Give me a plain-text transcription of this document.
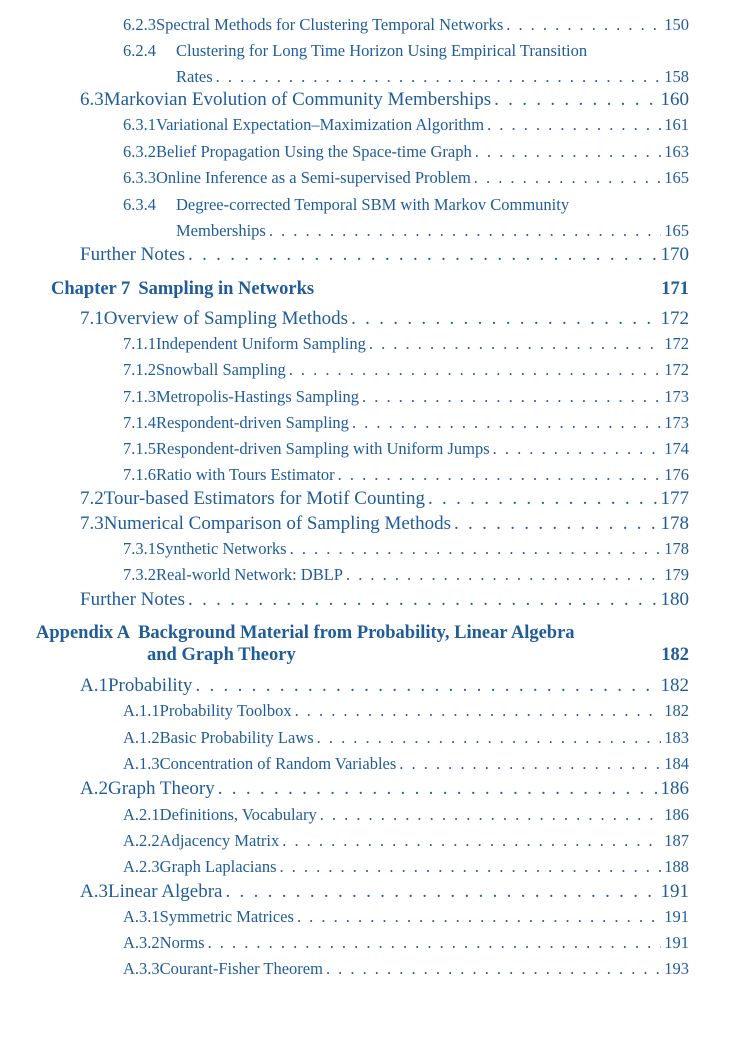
6.2.3 Spectral Methods for Clustering Temporal Networks . . .	150
6.2.4	Clustering for Long Time Horizon Using Empirical Transition
Rates . . .	158
6.3 Markovian Evolution of Community Memberships . . .	160
6.3.1 Variational Expectation–Maximization Algorithm . . .	161
6.3.2 Belief Propagation Using the Space-time Graph . . .	163
6.3.3 Online Inference as a Semi-supervised Problem . . .	165
6.3.4	Degree-corrected Temporal SBM with Markov Community
Memberships . . .	165
Further Notes . . .	170
Chapter 7 Sampling in Networks	171
7.1 Overview of Sampling Methods . . .	172
7.1.1 Independent Uniform Sampling . . .	172
7.1.2 Snowball Sampling . . .	172
7.1.3 Metropolis-Hastings Sampling . . .	173
7.1.4 Respondent-driven Sampling . . .	173
7.1.5 Respondent-driven Sampling with Uniform Jumps . . .	174
7.1.6 Ratio with Tours Estimator . . .	176
7.2 Tour-based Estimators for Motif Counting . . .	177
7.3 Numerical Comparison of Sampling Methods . . .	178
7.3.1 Synthetic Networks . . .	178
7.3.2 Real-world Network: DBLP . . .	179
Further Notes . . .	180
Appendix A Background Material from Probability, Linear Algebra
and Graph Theory	182
A.1 Probability . . .	182
A.1.1 Probability Toolbox . . .	182
A.1.2 Basic Probability Laws . . .	183
A.1.3 Concentration of Random Variables . . .	184
A.2 Graph Theory . . .	186
A.2.1 Definitions, Vocabulary . . .	186
A.2.2 Adjacency Matrix . . .	187
A.2.3 Graph Laplacians . . .	188
A.3 Linear Algebra . . .	191
A.3.1 Symmetric Matrices . . .	191
A.3.2 Norms . . .	191
A.3.3 Courant-Fisher Theorem . . .	193
